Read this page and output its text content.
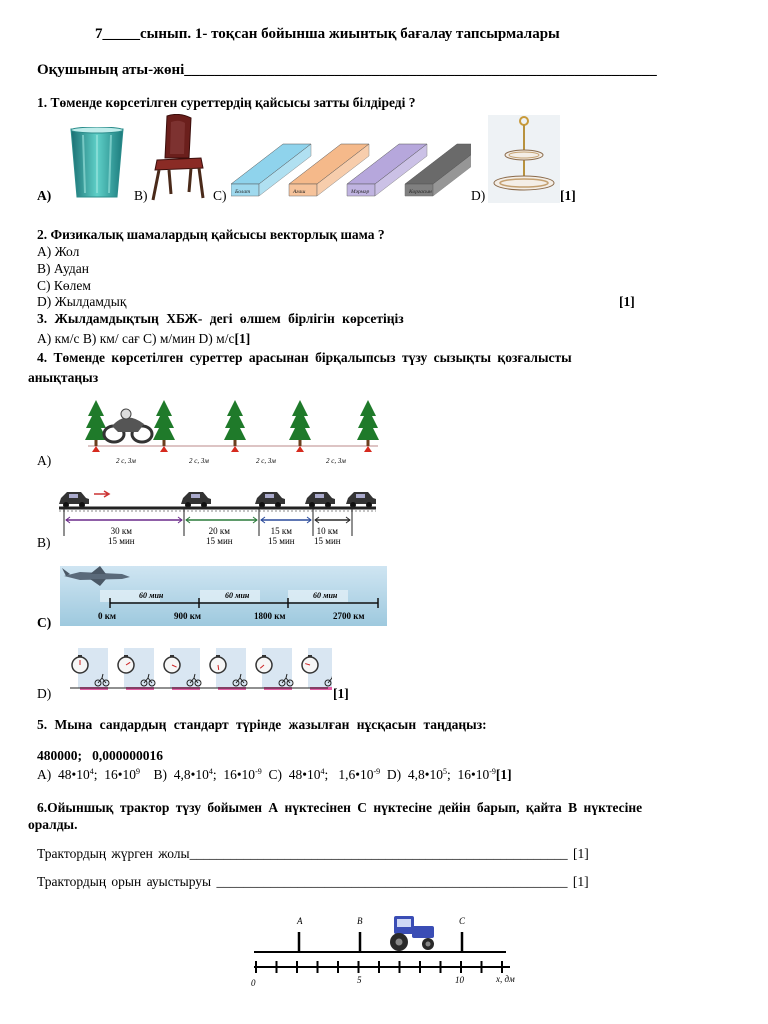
7_____сынып. 1- тоқсан бойынша жиынтық бағалау тапсырмалары
Оқушының аты-жөні_______________________________________________________________
1. Төменде көрсетілген суреттердің қайсысы затты білдіреді ?
A)	B)	C) Болат	Ағаш	Мәрмәр	Корғасын	D)	[1]
2. Физикалық шамалардың қайсысы векторлық шама ?
A) Жол
B) Аудан
C) Көлем
D) Жылдамдық	[1]
3. Жылдамдықтың ХБЖ- дегі өлшем бірлігін көрсетіңіз
A) км/с B) км/ сағ C) м/мин D) м/с[1]
4. Төменде көрсетілген суреттер арасынан бірқалыпсыз түзу сызықты қозғалысты
анықтаңыз
A)	2 с, 3м	2 с, 3м	2 с, 3м	2 с, 3м
B)
30 км
15 мин
20 км
15 мин
15 км
15 мин
10 км
15 мин
C)
60 мин	60 мин	60 мин
0 км	900 км	1800 км	2700 км
D)	[1]
5. Мына сандардың стандарт түрінде жазылған нұсқасын таңдаңыз:
480000;   0,000000016
A)  $48•10^4$;  $16•10^9$    B)  $4,8•10^4$;  $16•10^{-9}$  C)  $48•10^4$;   $1,6•10^{-9}$  D)  $4,8•10^5$;  $16•10^{-9}[1]$
6.Ойыншық трактор түзу бойымен А нүктесінен С нүктесіне дейін барып, қайта В нүктесіне
оралды.
Трактордың жүрген жолы________________________________________________________ [1]
Трактордың орын ауыстыруы ____________________________________________________ [1]
A	B	C
0	5	10	x, дм
